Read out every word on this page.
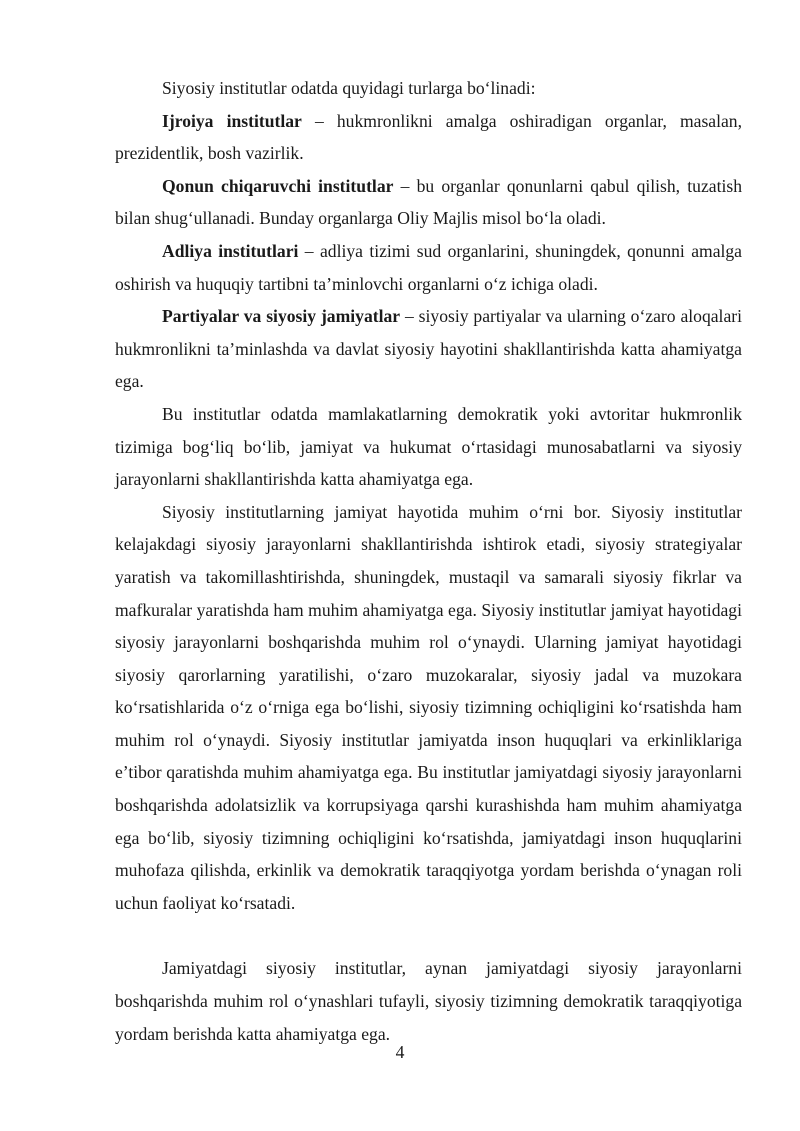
Siyosiy institutlar odatda quyidagi turlarga bo‘linadi:

Ijroiya institutlar – hukmronlikni amalga oshiradigan organlar, masalan, prezidentlik, bosh vazirlik.

Qonun chiqaruvchi institutlar – bu organlar qonunlarni qabul qilish, tuzatish bilan shug‘ullanadi. Bunday organlarga Oliy Majlis misol bo‘la oladi.

Adliya institutlari – adliya tizimi sud organlarini, shuningdek, qonunni amalga oshirish va huquqiy tartibni ta’minlovchi organlarni o‘z ichiga oladi.

Partiyalar va siyosiy jamiyatlar – siyosiy partiyalar va ularning o‘zaro aloqalari hukmronlikni ta’minlashda va davlat siyosiy hayotini shakllantirishda katta ahamiyatga ega.

Bu institutlar odatda mamlakatlarning demokratik yoki avtoritar hukmronlik tizimiga bog‘liq bo‘lib, jamiyat va hukumat o‘rtasidagi munosabatlarni va siyosiy jarayonlarni shakllantirishda katta ahamiyatga ega.

Siyosiy institutlarning jamiyat hayotida muhim o‘rni bor. Siyosiy institutlar kelajakdagi siyosiy jarayonlarni shakllantirishda ishtirok etadi, siyosiy strategiyalar yaratish va takomillashtirishda, shuningdek, mustaqil va samarali siyosiy fikrlar va mafkuralar yaratishda ham muhim ahamiyatga ega. Siyosiy institutlar jamiyat hayotidagi siyosiy jarayonlarni boshqarishda muhim rol o‘ynaydi. Ularning jamiyat hayotidagi siyosiy qarorlarning yaratilishi, o‘zaro muzokaralar, siyosiy jadal va muzokara ko‘rsatishlarida o‘z o‘rniga ega bo‘lishi, siyosiy tizimning ochiqligini ko‘rsatishda ham muhim rol o‘ynaydi. Siyosiy institutlar jamiyatda inson huquqlari va erkinliklariga e’tibor qaratishda muhim ahamiyatga ega. Bu institutlar jamiyatdagi siyosiy jarayonlarni boshqarishda adolatsizlik va korrupsiyaga qarshi kurashishda ham muhim ahamiyatga ega bo‘lib, siyosiy tizimning ochiqligini ko‘rsatishda, jamiyatdagi inson huquqlarini muhofaza qilishda, erkinlik va demokratik taraqqiyotga yordam berishda o‘ynagan roli uchun faoliyat ko‘rsatadi.

Jamiyatdagi siyosiy institutlar, aynan jamiyatdagi siyosiy jarayonlarni boshqarishda muhim rol o‘ynashlari tufayli, siyosiy tizimning demokratik taraqqiyotiga yordam berishda katta ahamiyatga ega.

4
